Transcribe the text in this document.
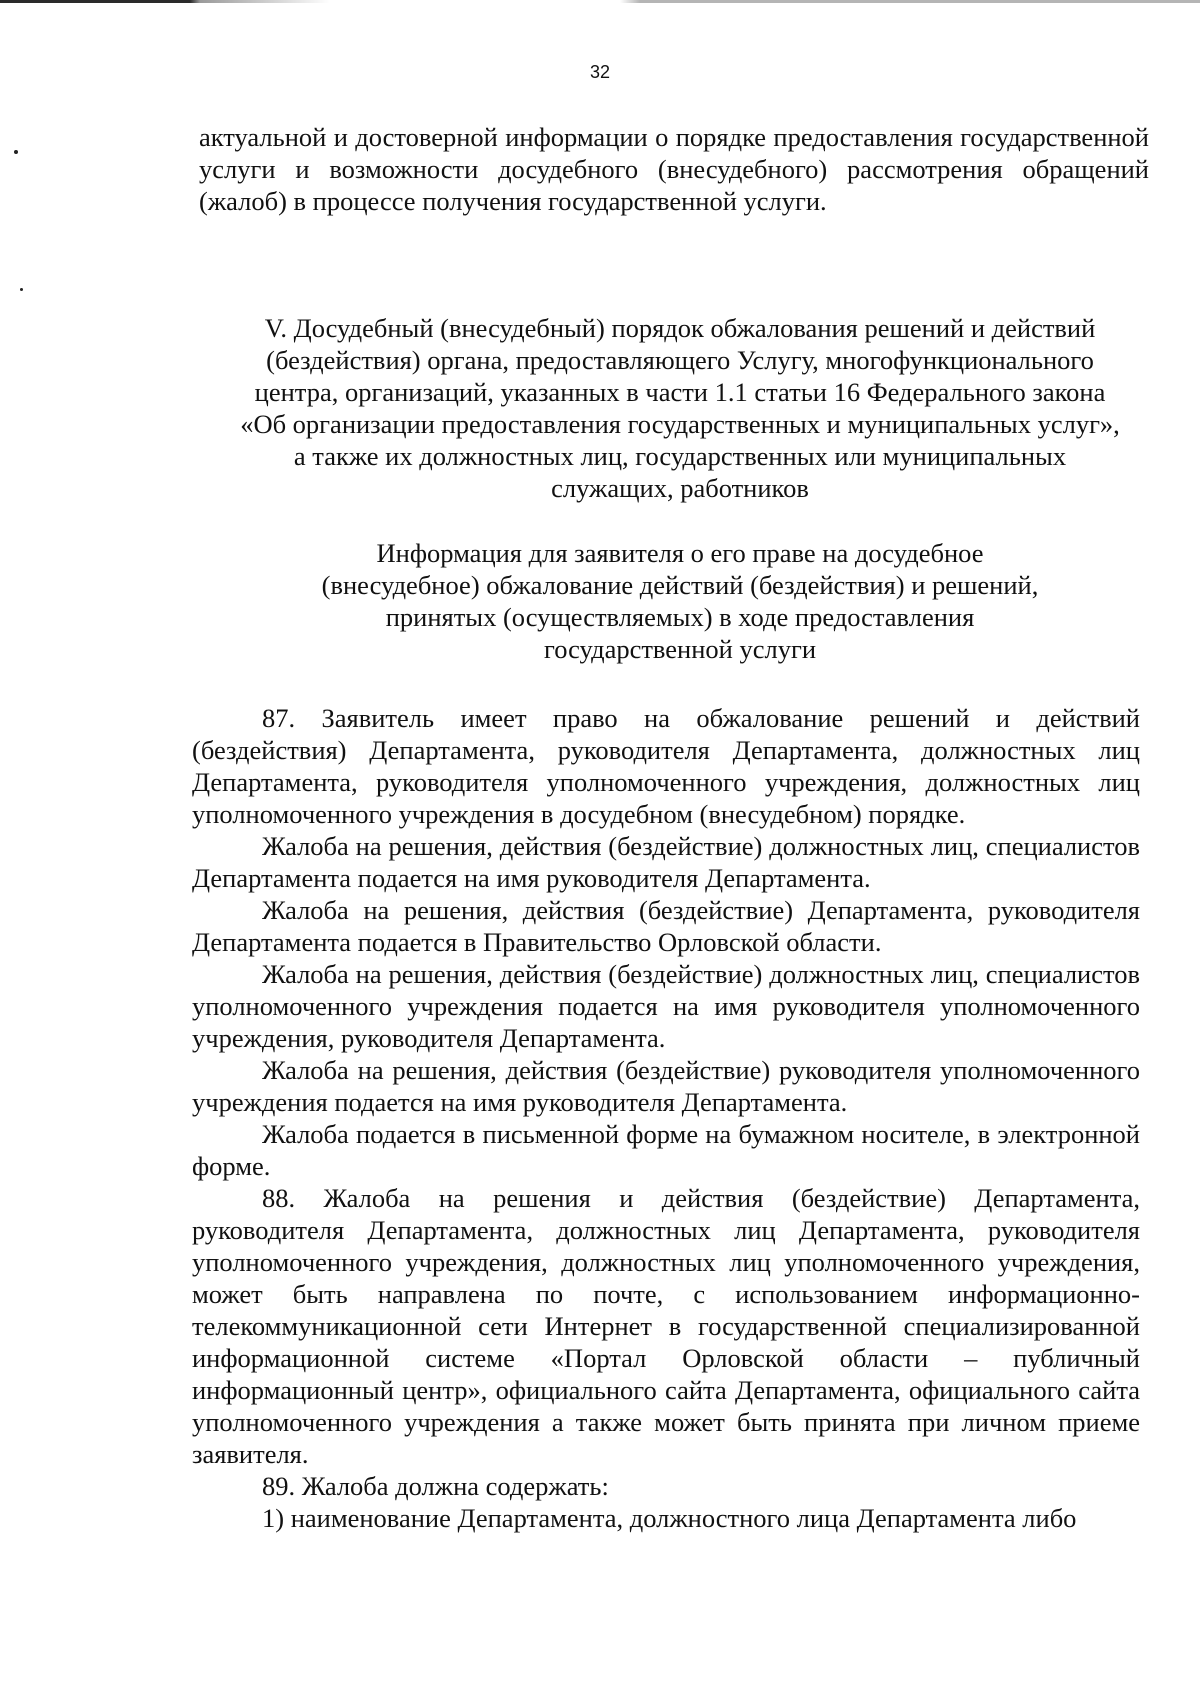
32

актуальной и достоверной информации о порядке предоставления государственной услуги и возможности досудебного (внесудебного) рассмотрения обращений (жалоб) в процессе получения государственной услуги.

V. Досудебный (внесудебный) порядок обжалования решений и действий
(бездействия) органа, предоставляющего Услугу, многофункционального
центра, организаций, указанных в части 1.1 статьи 16 Федерального закона
«Об организации предоставления государственных и муниципальных услуг»,
а также их должностных лиц, государственных или муниципальных
служащих, работников
Информация для заявителя о его праве на досудебное
(внесудебное) обжалование действий (бездействия) и решений,
принятых (осуществляемых) в ходе предоставления
государственной услуги

87. Заявитель имеет право на обжалование решений и действий (бездействия) Департамента, руководителя Департамента, должностных лиц Департамента, руководителя уполномоченного учреждения, должностных лиц уполномоченного учреждения в досудебном (внесудебном) порядке.

Жалоба на решения, действия (бездействие) должностных лиц, специалистов Департамента подается на имя руководителя Департамента.

Жалоба на решения, действия (бездействие) Департамента, руководителя Департамента подается в Правительство Орловской области.

Жалоба на решения, действия (бездействие) должностных лиц, специалистов уполномоченного учреждения подается на имя руководителя уполномоченного учреждения, руководителя Департамента.

Жалоба на решения, действия (бездействие) руководителя уполномоченного учреждения подается на имя руководителя Департамента.

Жалоба подается в письменной форме на бумажном носителе, в электронной форме.

88. Жалоба на решения и действия (бездействие) Департамента, руководителя Департамента, должностных лиц Департамента, руководителя уполномоченного учреждения, должностных лиц уполномоченного учреждения, может быть направлена по почте, с использованием информационно-телекоммуникационной сети Интернет в государственной специализированной информационной системе «Портал Орловской области – публичный информационный центр», официального сайта Департамента, официального сайта уполномоченного учреждения а также может быть принята при личном приеме заявителя.

89. Жалоба должна содержать:

1) наименование Департамента, должностного лица Департамента либо
